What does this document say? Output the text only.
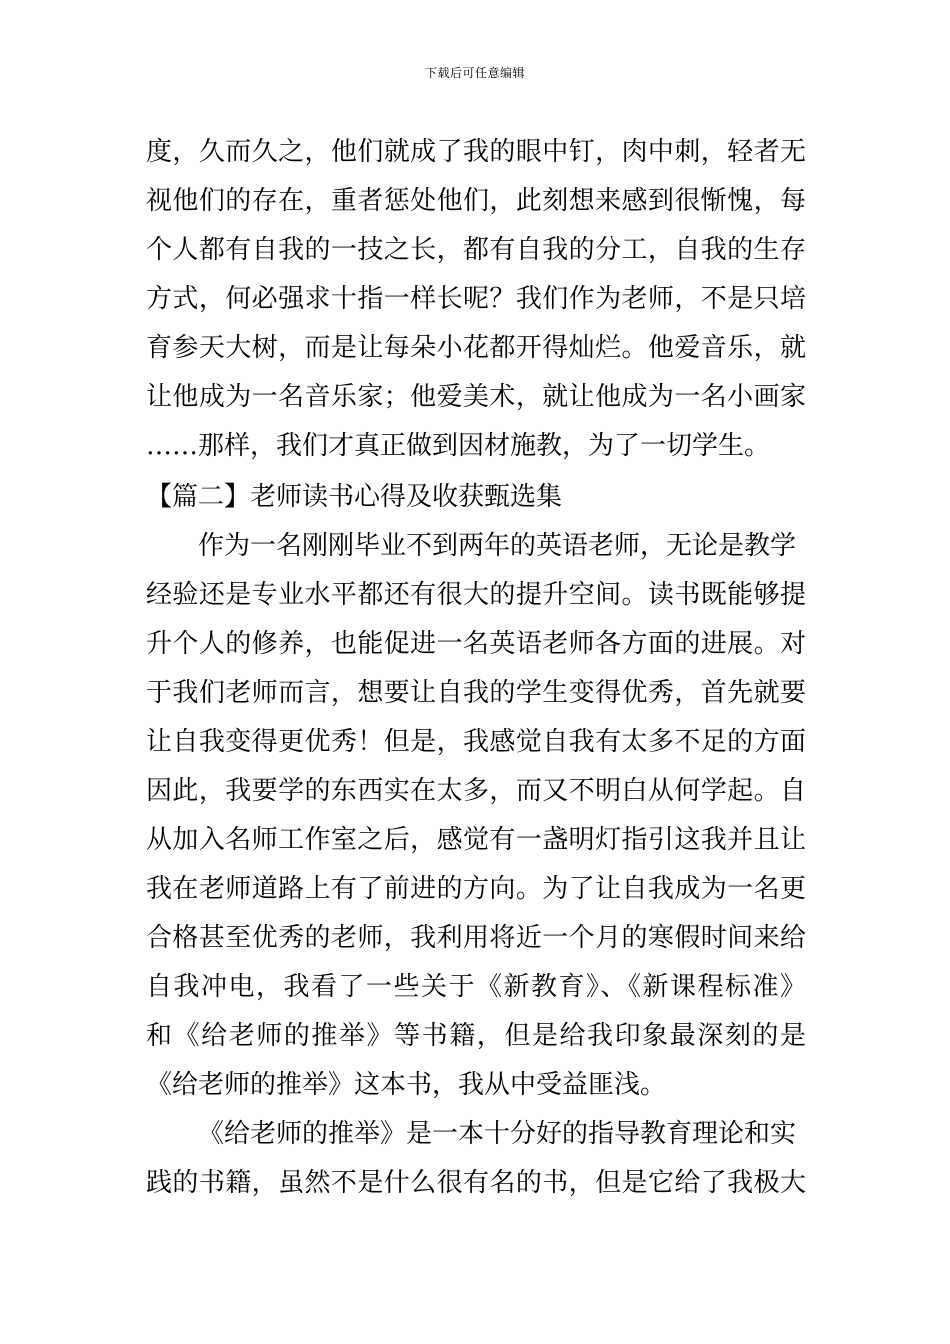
下载后可任意编辑
度，久而久之，他们就成了我的眼中钉，肉中刺，轻者无
视他们的存在，重者惩处他们，此刻想来感到很惭愧，每
个人都有自我的一技之长，都有自我的分工，自我的生存
方式，何必强求十指一样长呢？我们作为老师，不是只培
育参天大树，而是让每朵小花都开得灿烂。他爱音乐，就
让他成为一名音乐家；他爱美术，就让他成为一名小画家
……那样，我们才真正做到因材施教，为了一切学生。
【篇二】老师读书心得及收获甄选集
作为一名刚刚毕业不到两年的英语老师，无论是教学
经验还是专业水平都还有很大的提升空间。读书既能够提
升个人的修养，也能促进一名英语老师各方面的进展。对
于我们老师而言，想要让自我的学生变得优秀，首先就要
让自我变得更优秀！但是，我感觉自我有太多不足的方面
因此，我要学的东西实在太多，而又不明白从何学起。自
从加入名师工作室之后，感觉有一盏明灯指引这我并且让
我在老师道路上有了前进的方向。为了让自我成为一名更
合格甚至优秀的老师，我利用将近一个月的寒假时间来给
自我冲电，我看了一些关于《新教育》、《新课程标准》
和《给老师的推举》等书籍，但是给我印象最深刻的是
《给老师的推举》这本书，我从中受益匪浅。
《给老师的推举》是一本十分好的指导教育理论和实
践的书籍，虽然不是什么很有名的书，但是它给了我极大
